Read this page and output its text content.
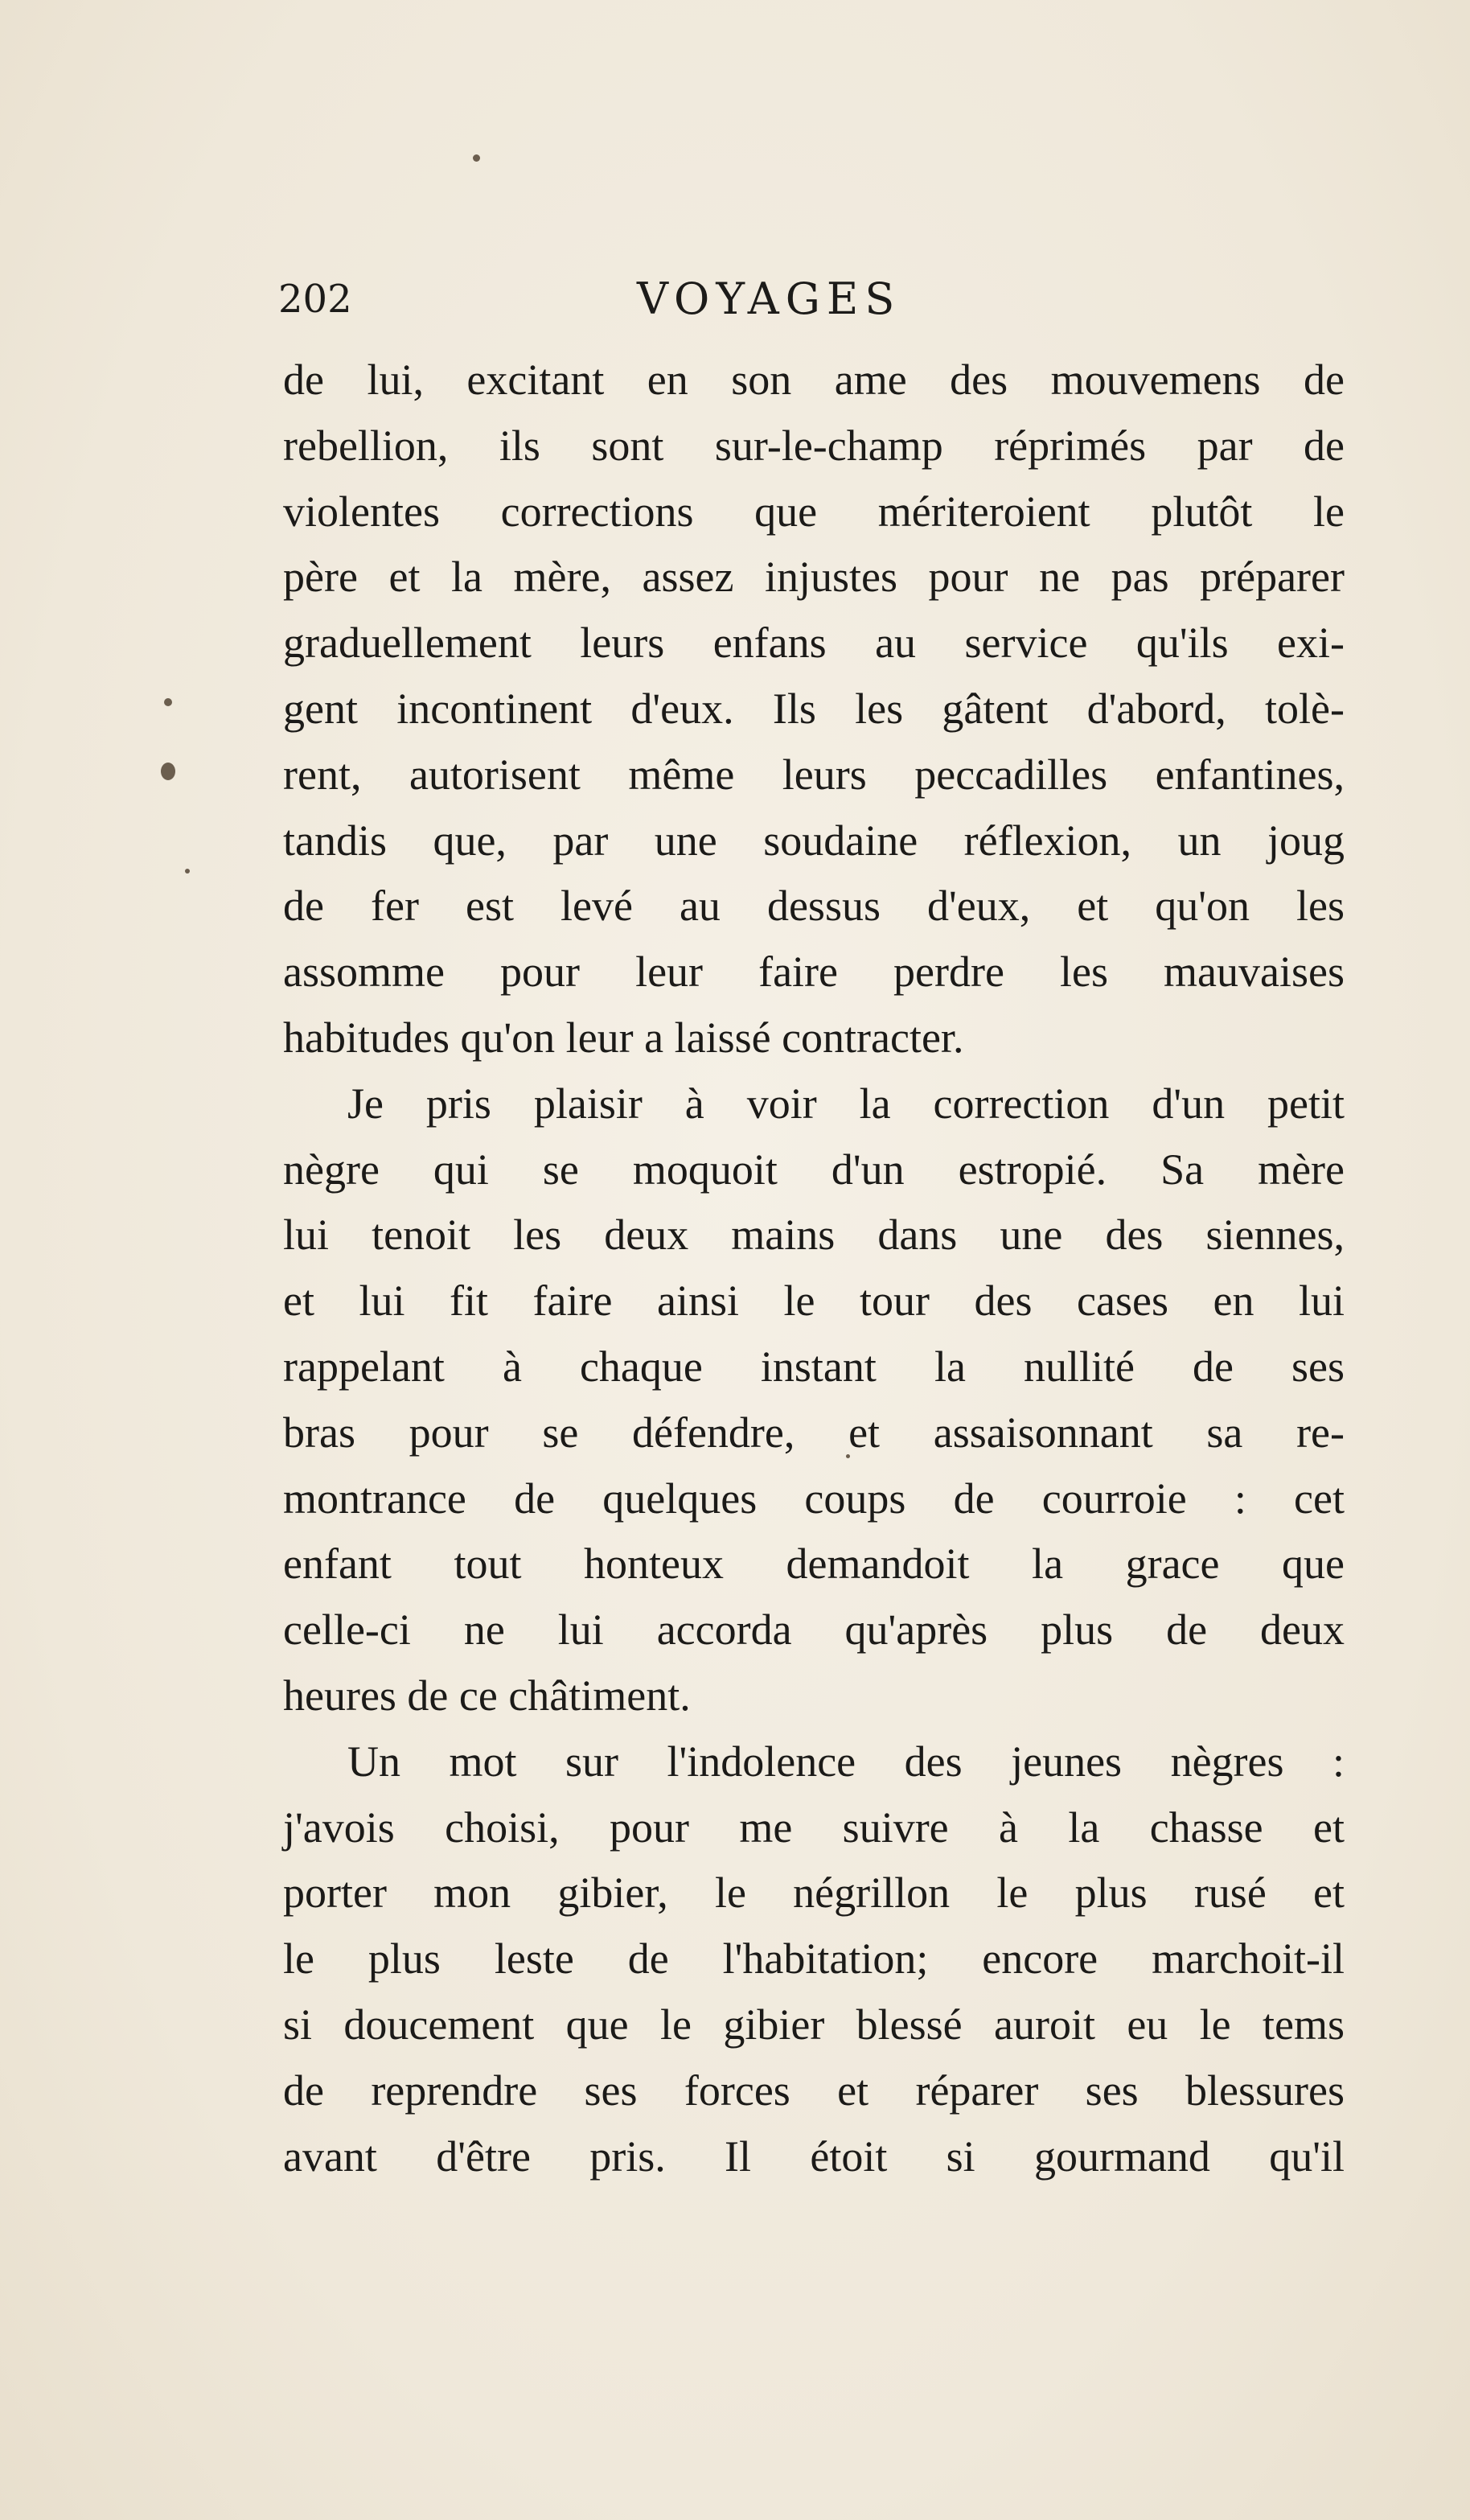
202	VOYAGES
de lui, excitant en son ame des mouvemens de
rebellion, ils sont sur-le-champ réprimés par de
violentes corrections que mériteroient plutôt le
père et la mère, assez injustes pour ne pas préparer
graduellement leurs enfans au service qu'ils exi-
gent incontinent d'eux. Ils les gâtent d'abord, tolè-
rent, autorisent même leurs peccadilles enfantines,
tandis que, par une soudaine réflexion, un joug
de fer est levé au dessus d'eux, et qu'on les
assomme pour leur faire perdre les mauvaises
habitudes qu'on leur a laissé contracter.
Je pris plaisir à voir la correction d'un petit
nègre qui se moquoit d'un estropié. Sa mère
lui tenoit les deux mains dans une des siennes,
et lui fit faire ainsi le tour des cases en lui
rappelant à chaque instant la nullité de ses
bras pour se défendre, et assaisonnant sa re-
montrance de quelques coups de courroie : cet
enfant tout honteux demandoit la grace que
celle-ci ne lui accorda qu'après plus de deux
heures de ce châtiment.
Un mot sur l'indolence des jeunes nègres :
j'avois choisi, pour me suivre à la chasse et
porter mon gibier, le négrillon le plus rusé et
le plus leste de l'habitation; encore marchoit-il
si doucement que le gibier blessé auroit eu le tems
de reprendre ses forces et réparer ses blessures
avant d'être pris. Il étoit si gourmand qu'il
